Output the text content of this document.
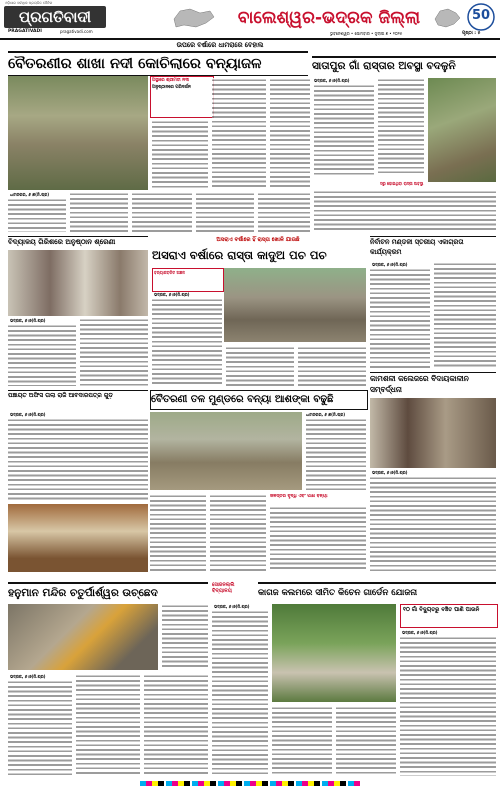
ଓଡ଼ିଶାର ସର୍ବାଧିକ ପ୍ରଚାରିତ ଦୈନିକ
ପ୍ରଗତିବାଦୀ
PRAGATIVADI	pragativadi.com
ବାଲେଶ୍ୱର-ଭଦ୍ରକ ଜିଲ୍ଲା	50
ଭୁବନେଶ୍ୱର • ସୋମବାର • ଜୁଲାଇ ୭ • ୨୦୨୫	ପୃଷ୍ଠା : ୫
ଉପରେ ବର୍ଷାରେ ଧାମରାରେ ବେହାଲ
ବୈତରଣୀର ଶାଖା ନଦୀ କୋଚିଲାରେ ବନ୍ୟାଜଳ
ଅସ୍ଥାରେ ଶ୍ରୀମତୀ ନଦୀ
ଅନୁଷ୍ଠାନରେ ପରିଦର୍ଶନ
ଧାମନଗର, ୬।୭(ନି.ପ୍ର)
ସାତାପୁର ଗାଁ ରାସ୍ତାର ଅବସ୍ଥା ବଦଳୁନି
ଭଦ୍ରକ, ୬।୭(ନି.ପ୍ର)
ସରୁ ହୋଇଥିବା ରାସ୍ତା ଅବସ୍ଥା
ବିଦ୍ୟାଳୟ ଗିରିଶରେ ଅନୁଷ୍ଠାନ ଶ୍ରେଣୀ
ଭଦ୍ରକ, ୬।୭(ନି.ପ୍ର)
ଅସରାଏ ବର୍ଷାରେ ହିଁ ରାସ୍ତା ଖୋଳି ଯାଉଛି
ଅସରାଏ ବର୍ଷାରେ ରାସ୍ତା କାଦୁଅ ପଚ ପଚ
ବନ୍ୟାକବଳିତ ଅଞ୍ଚଳ
ଭଦ୍ରକ, ୬।୭(ନି.ପ୍ର)
ନିର୍ବାଚନ ମଣ୍ଡଳୀ ସ୍ତରୀୟ ଏକାଗ୍ରତା କାର୍ଯ୍ୟକ୍ରମ
ଭଦ୍ରକ, ୬।୭(ନି.ପ୍ର)
କାମଶଳୀ କଲେଜରେ ବିଦାୟକାଳୀନ ସମ୍ବର୍ଦ୍ଧନା
ଭଦ୍ରକ, ୬।୭(ନି.ପ୍ର)
ପଞ୍ଚାୟତ ଅଫିସ ତାଲା ରାଜି ଆବଦାରପତ୍ର ଗୁଡ଼
ଭଦ୍ରକ, ୬।୭(ନି.ପ୍ର)
ବୈତରଣୀ ତଳ ମୁଣ୍ଡରେ ବନ୍ୟା ଆଶଙ୍କା ବଢୁଛି
ଧାମନଗର, ୬।୭(ନି.ପ୍ର)
ଜଳସ୍ତର ବୃଦ୍ଧି ଏବଂ ପାଣି ବନ୍ୟା
ହନୁମାନ ମନ୍ଦିର ଚତୁର୍ପାର୍ଶ୍ୱର ଉଚ୍ଛେଦ
ଭଦ୍ରକ, ୬।୭(ନି.ପ୍ର)
ସୋଜନଲ୍ଲି ବିଦ୍ୟାଳୟ	କାଗଜ କଲମରେ ସୀମିତ କିଚେନ ଗାର୍ଡେନ ଯୋଜନା
ଭଦ୍ରକ, ୬।୭(ନି.ପ୍ର)
୧୦ ଗାଁ ବିଦ୍ୟୁତରୁ ବଞ୍ଚିତ ପାଣି ପାଉନି
ଭଦ୍ରକ, ୬।୭(ନି.ପ୍ର)
